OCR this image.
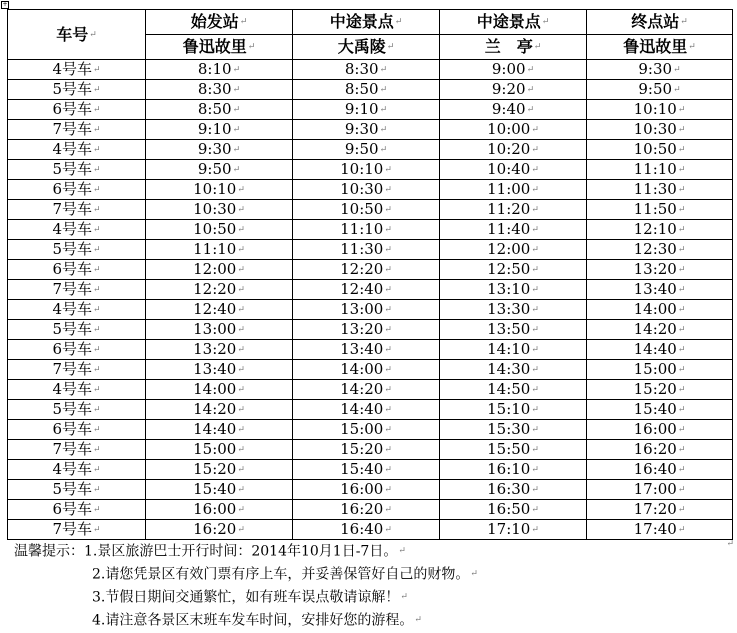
+
车号↵	始发站↵	中途景点↵	中途景点↵	终点站↵
	鲁迅故里↵	大禹陵↵	兰　亭↵	鲁迅故里↵
4号车↵	8:10↵	8:30↵	9:00↵	9:30↵
5号车↵	8:30↵	8:50↵	9:20↵	9:50↵
6号车↵	8:50↵	9:10↵	9:40↵	10:10↵
7号车↵	9:10↵	9:30↵	10:00↵	10:30↵
4号车↵	9:30↵	9:50↵	10:20↵	10:50↵
5号车↵	9:50↵	10:10↵	10:40↵	11:10↵
6号车↵	10:10↵	10:30↵	11:00↵	11:30↵
7号车↵	10:30↵	10:50↵	11:20↵	11:50↵
4号车↵	10:50↵	11:10↵	11:40↵	12:10↵
5号车↵	11:10↵	11:30↵	12:00↵	12:30↵
6号车↵	12:00↵	12:20↵	12:50↵	13:20↵
7号车↵	12:20↵	12:40↵	13:10↵	13:40↵
4号车↵	12:40↵	13:00↵	13:30↵	14:00↵
5号车↵	13:00↵	13:20↵	13:50↵	14:20↵
6号车↵	13:20↵	13:40↵	14:10↵	14:40↵
7号车↵	13:40↵	14:00↵	14:30↵	15:00↵
4号车↵	14:00↵	14:20↵	14:50↵	15:20↵
5号车↵	14:20↵	14:40↵	15:10↵	15:40↵
6号车↵	14:40↵	15:00↵	15:30↵	16:00↵
7号车↵	15:00↵	15:20↵	15:50↵	16:20↵
4号车↵	15:20↵	15:40↵	16:10↵	16:40↵
5号车↵	15:40↵	16:00↵	16:30↵	17:00↵
6号车↵	16:00↵	16:20↵	16:50↵	17:20↵
7号车↵	16:20↵	16:40↵	17:10↵	17:40↵
温馨提示：1.景区旅游巴士开行时间：2014年10月1日-7日。↵
2.请您凭景区有效门票有序上车，并妥善保管好自己的财物。↵
3.节假日期间交通繁忙，如有班车误点敬请谅解！↵
4.请注意各景区末班车发车时间，安排好您的游程。↵
↵
